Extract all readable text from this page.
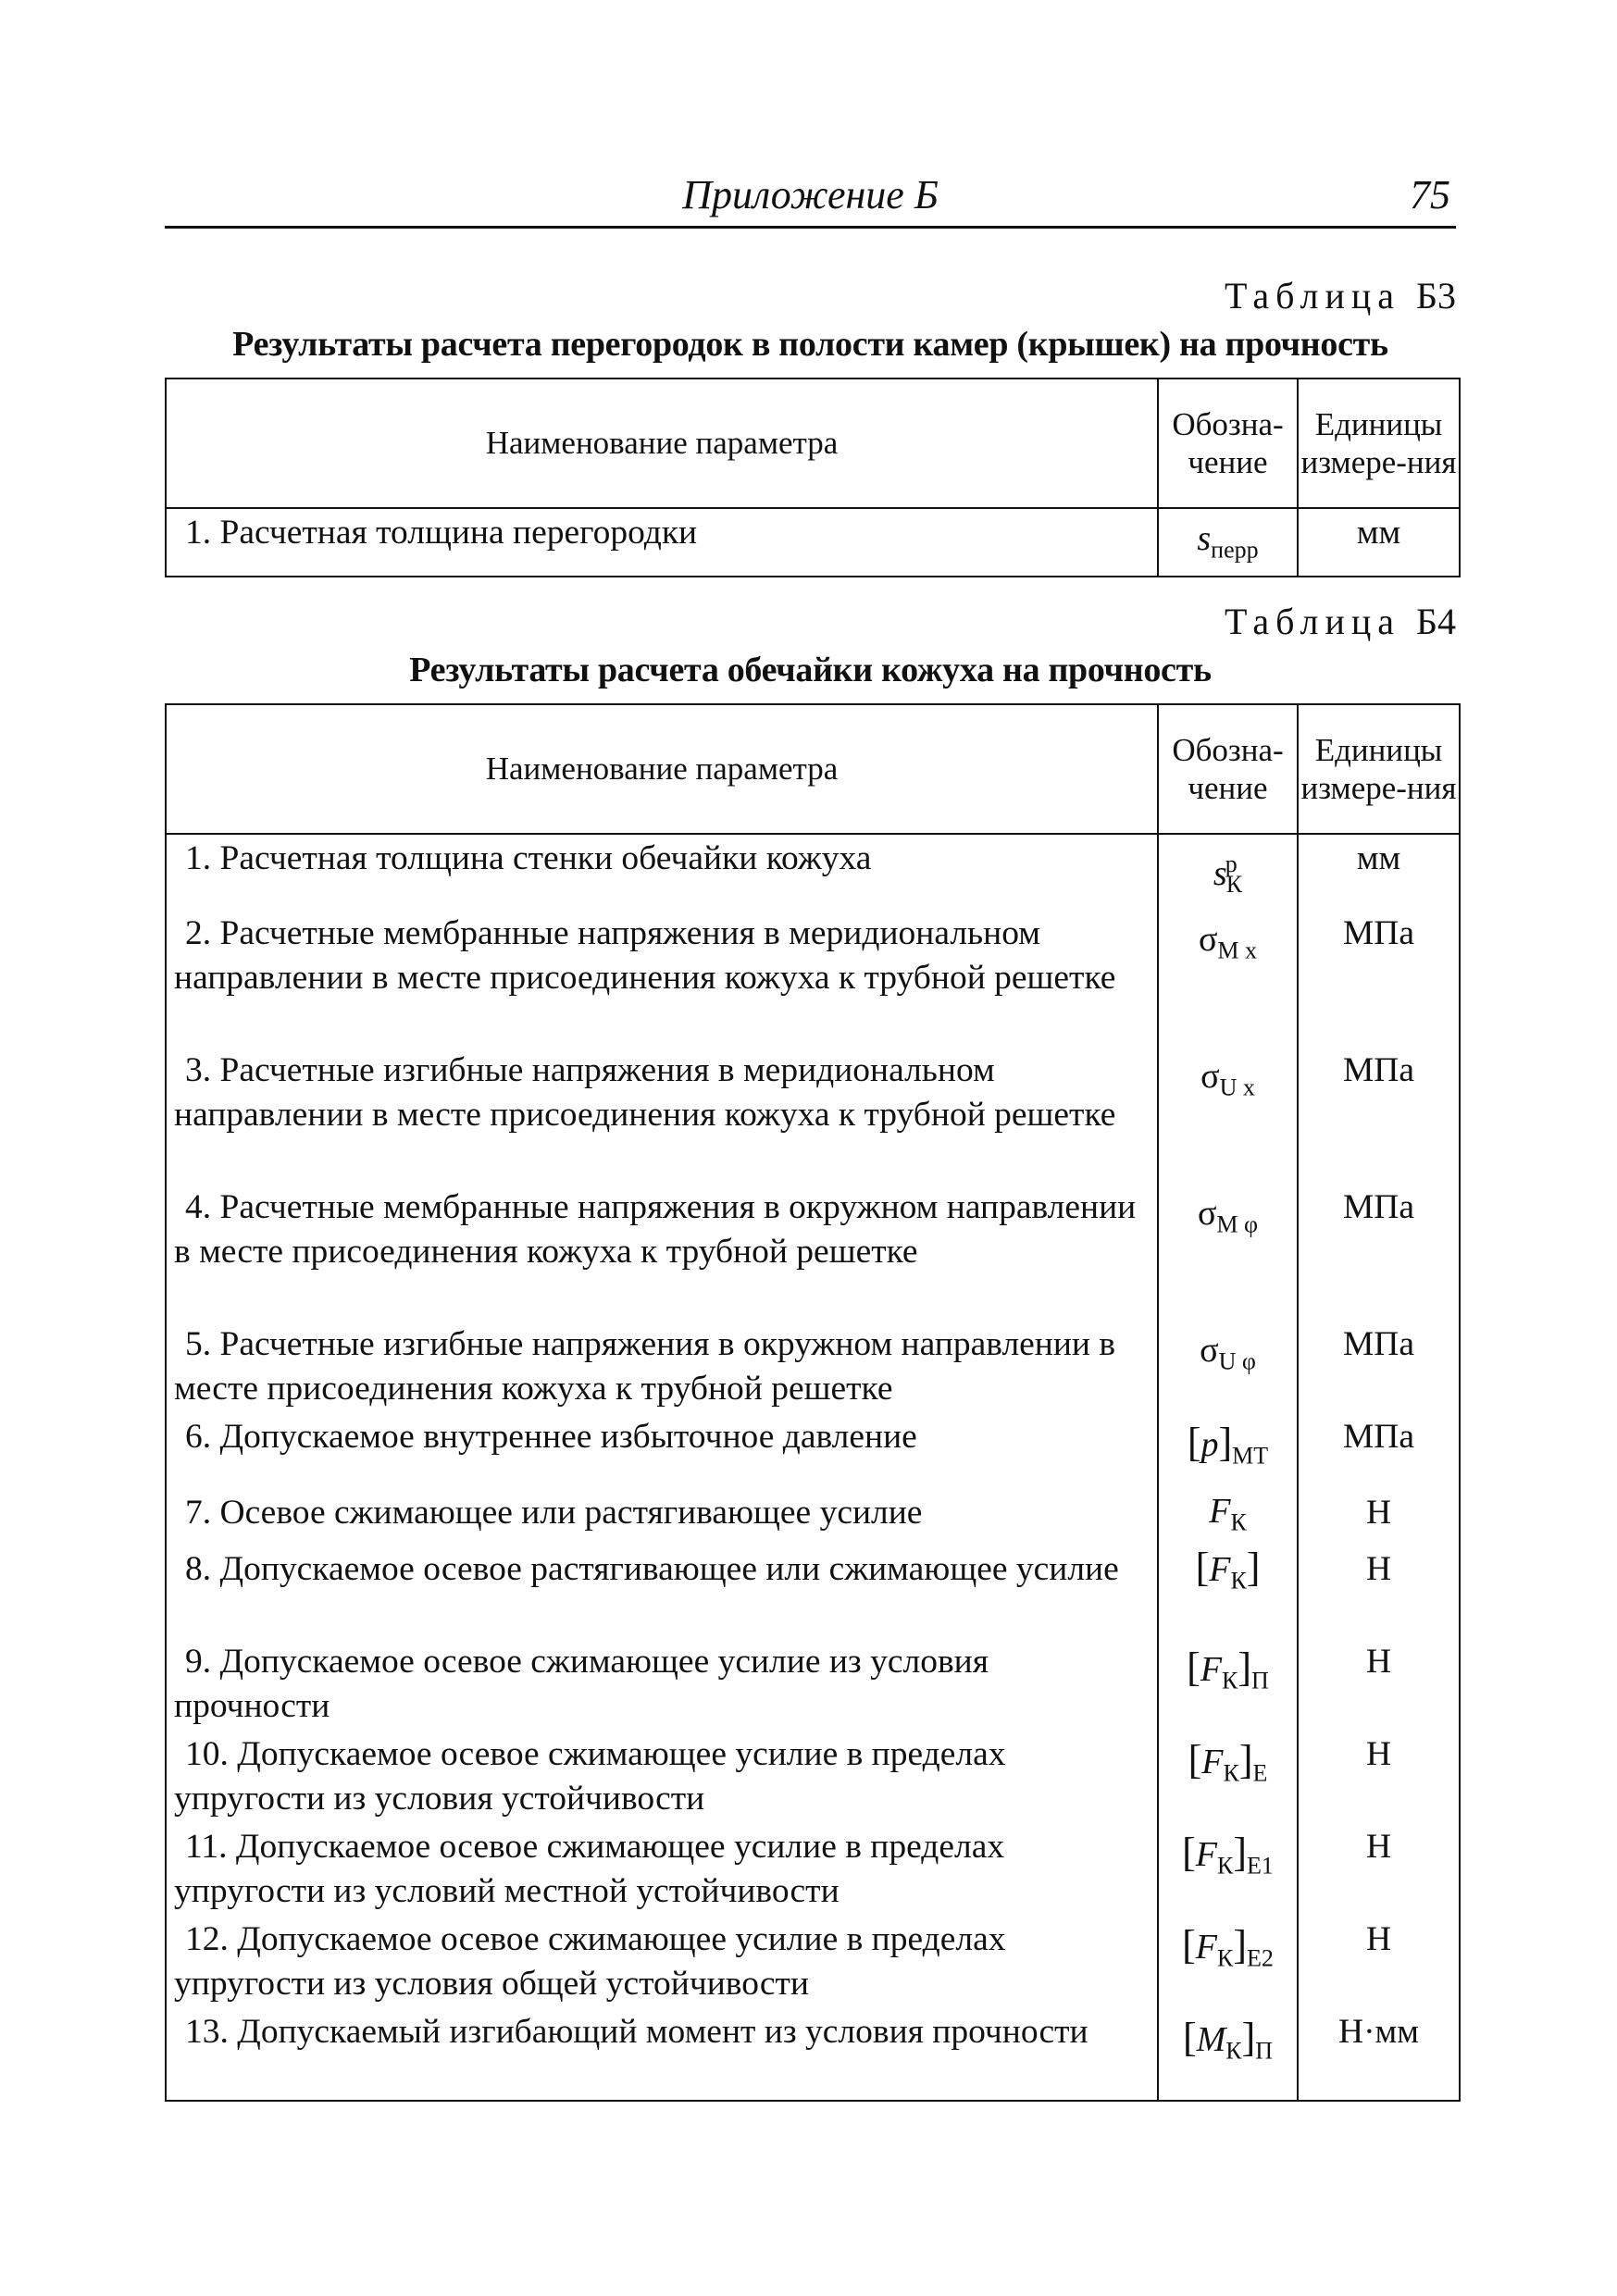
Приложение Б	75
Таблица Б3
Результаты расчета перегородок в полости камер (крышек) на прочность
Наименование параметра	Обозна-чение	Единицы измере-ния

1. Расчетная толщина перегородки	$s_{перр}$	мм
Таблица Б4
Результаты расчета обечайки кожуха на прочность
Наименование параметра	Обозна-чение	Единицы измере-ния

1. Расчетная толщина стенки обечайки кожуха	$s^р_К$	мм

2. Расчетные мембранные напряжения в меридиональном направлении в месте присоединения кожуха к трубной решетке	$\sigma_{М x}$	МПа

3. Расчетные изгибные напряжения в меридиональном направлении в месте присоединения кожуха к трубной решетке	$\sigma_{U x}$	МПа

4. Расчетные мембранные напряжения в окружном направлении в месте присоединения кожуха к трубной решетке	$\sigma_{М \varphi}$	МПа

5. Расчетные изгибные напряжения в окружном направлении в месте присоединения кожуха к трубной решетке	$\sigma_{U \varphi}$	МПа

6. Допускаемое внутреннее избыточное давление	$[p]_{МТ}$	МПа

7. Осевое сжимающее или растягивающее усилие	$F_К$	Н

8. Допускаемое осевое растягивающее или сжимающее усилие	$[F_К]$	Н

9. Допускаемое осевое сжимающее усилие из условия прочности	$[F_К]_П$	Н

10. Допускаемое осевое сжимающее усилие в пределах упругости из условия устойчивости	$[F_К]_Е$	Н

11. Допускаемое осевое сжимающее усилие в пределах упругости из условий местной устойчивости	$[F_К]_{Е1}$	Н

12. Допускаемое осевое сжимающее усилие в пределах упругости из условия общей устойчивости	$[F_К]_{Е2}$	Н

13. Допускаемый изгибающий момент из условия прочности	$[M_К]_П$	Н·мм
